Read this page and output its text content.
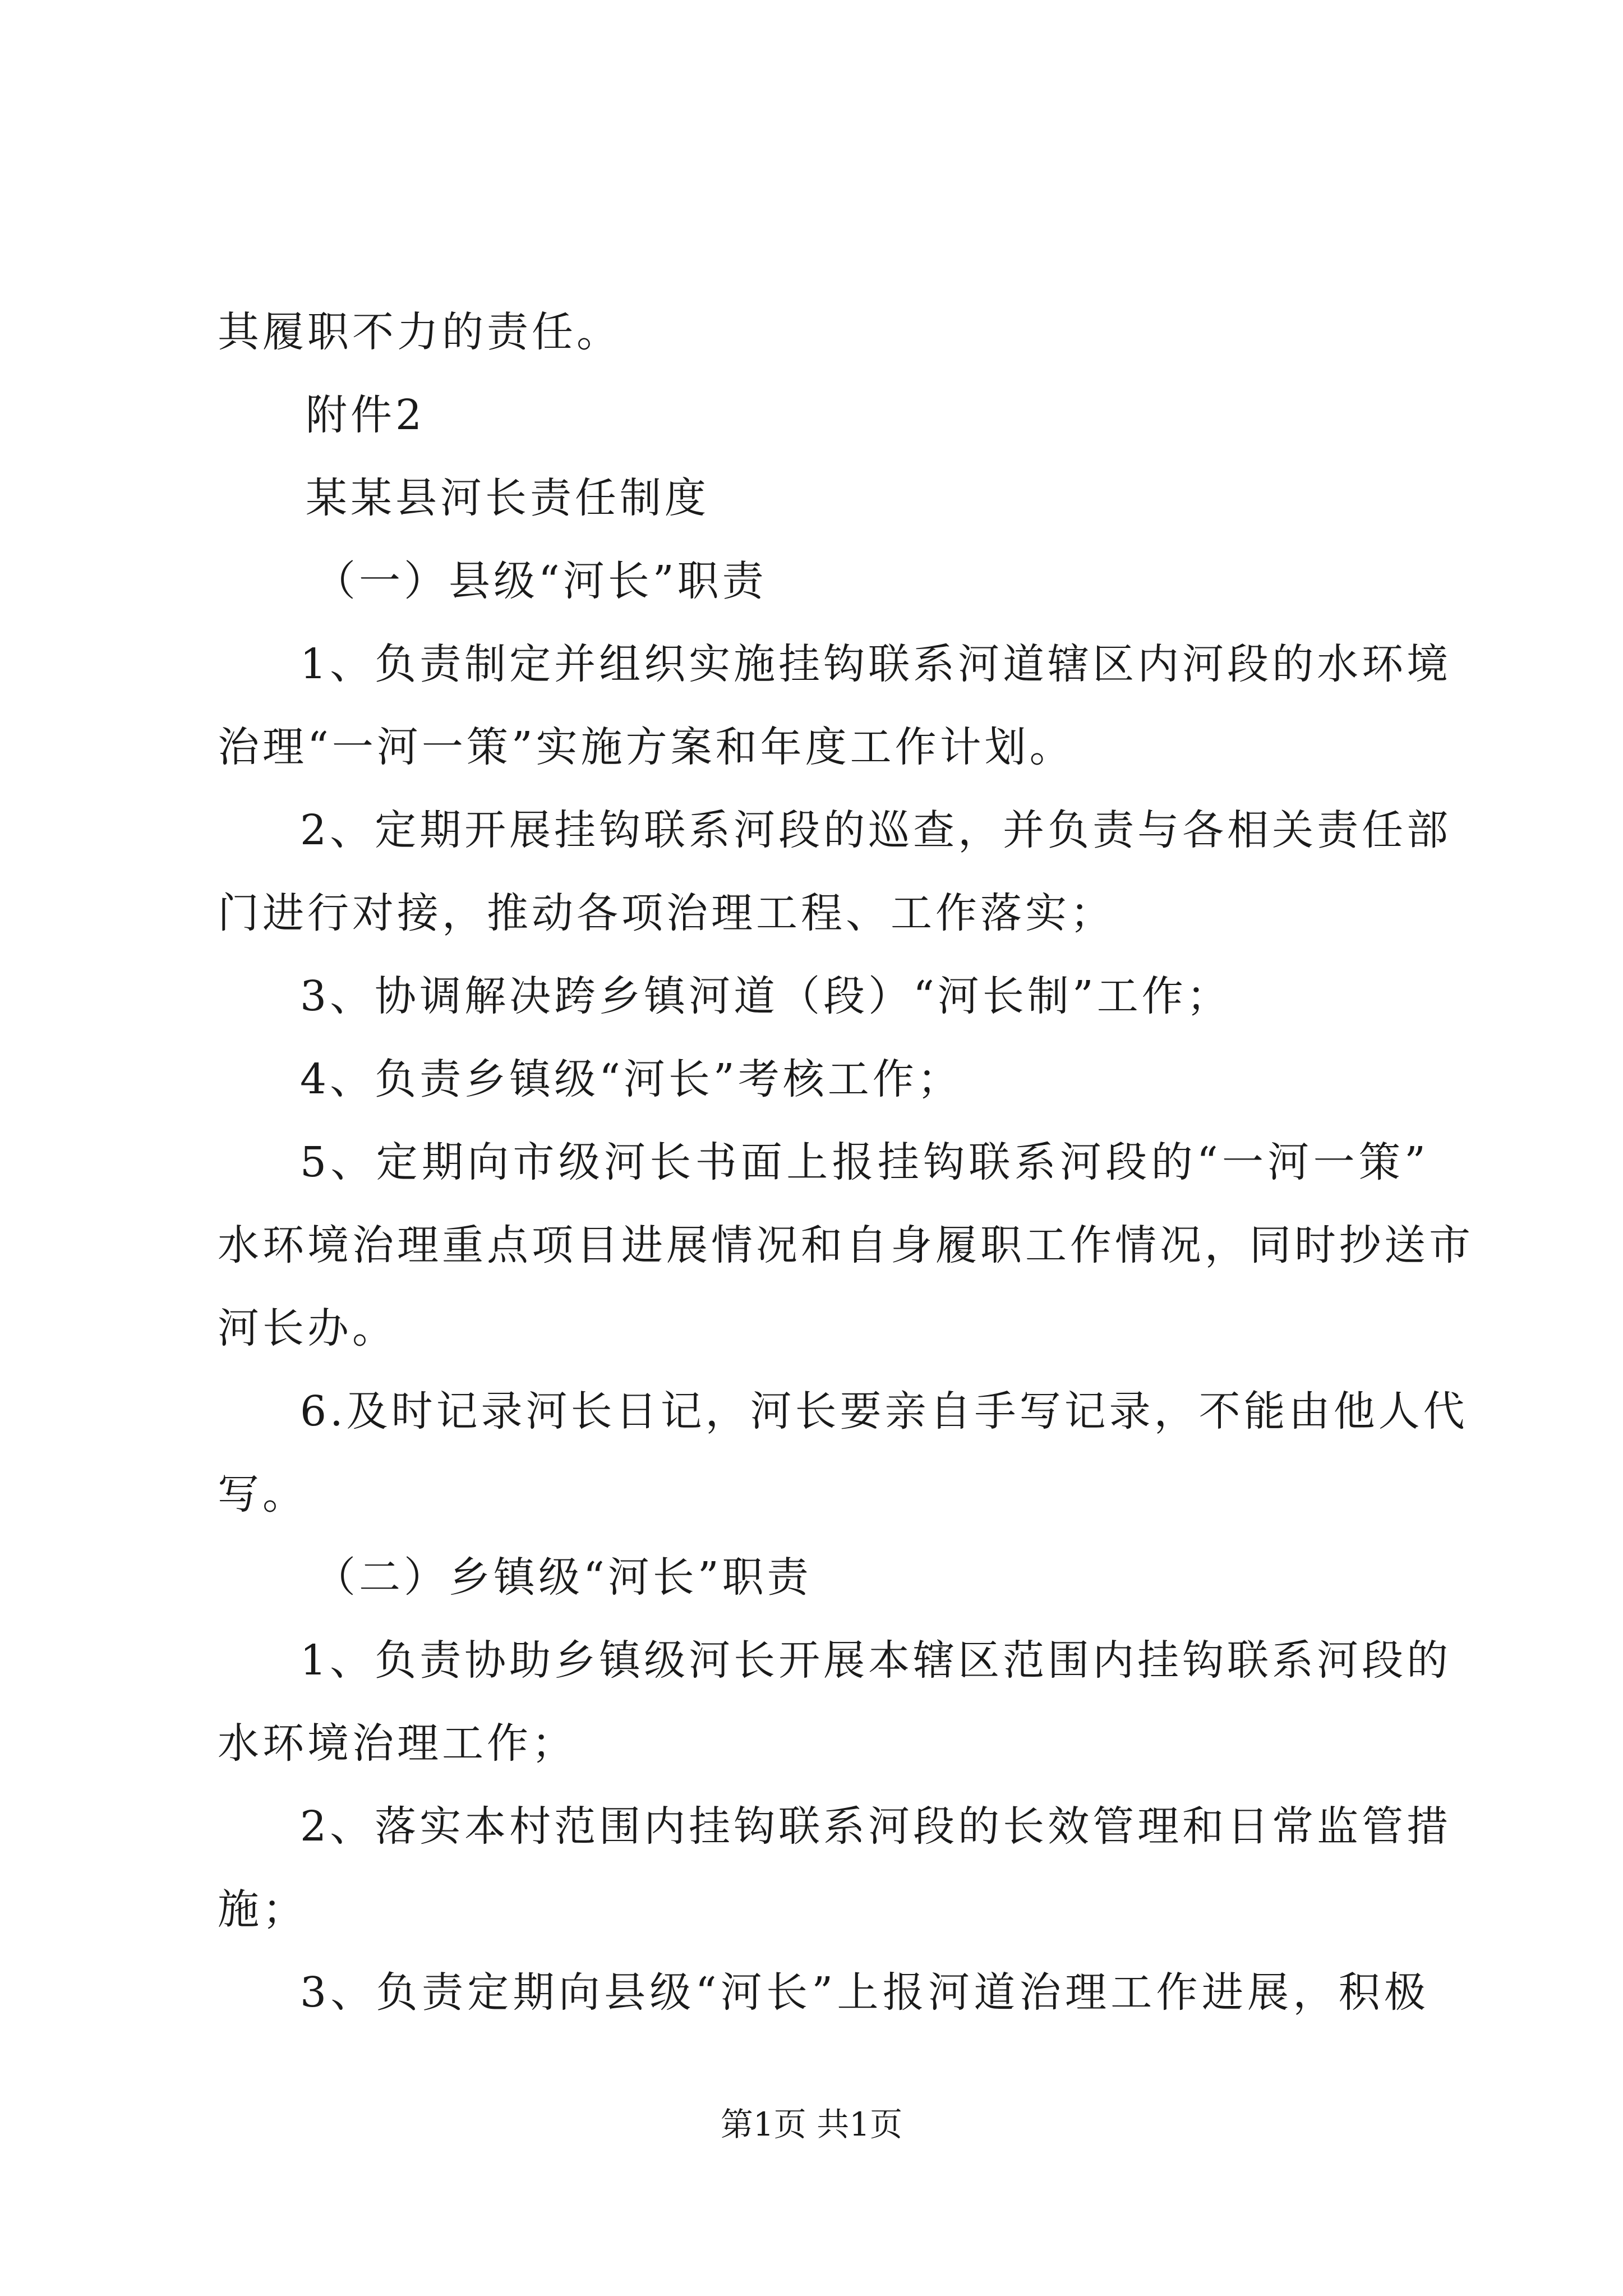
其履职不力的责任。
附件2
某某县河长责任制度
（一）县级“河长”职责
1、负责制定并组织实施挂钩联系河道辖区内河段的水环境
治理“一河一策”实施方案和年度工作计划。
2、定期开展挂钩联系河段的巡查，并负责与各相关责任部
门进行对接，推动各项治理工程、工作落实；
3、协调解决跨乡镇河道（段）“河长制”工作；
4、负责乡镇级“河长”考核工作；
5、定期向市级河长书面上报挂钩联系河段的“一河一策”
水环境治理重点项目进展情况和自身履职工作情况，同时抄送市
河长办。
6.及时记录河长日记，河长要亲自手写记录，不能由他人代
写。
（二）乡镇级“河长”职责
1、负责协助乡镇级河长开展本辖区范围内挂钩联系河段的
水环境治理工作；
2、落实本村范围内挂钩联系河段的长效管理和日常监管措
施；
3、负责定期向县级“河长”上报河道治理工作进展，积极
第1页 共1页
